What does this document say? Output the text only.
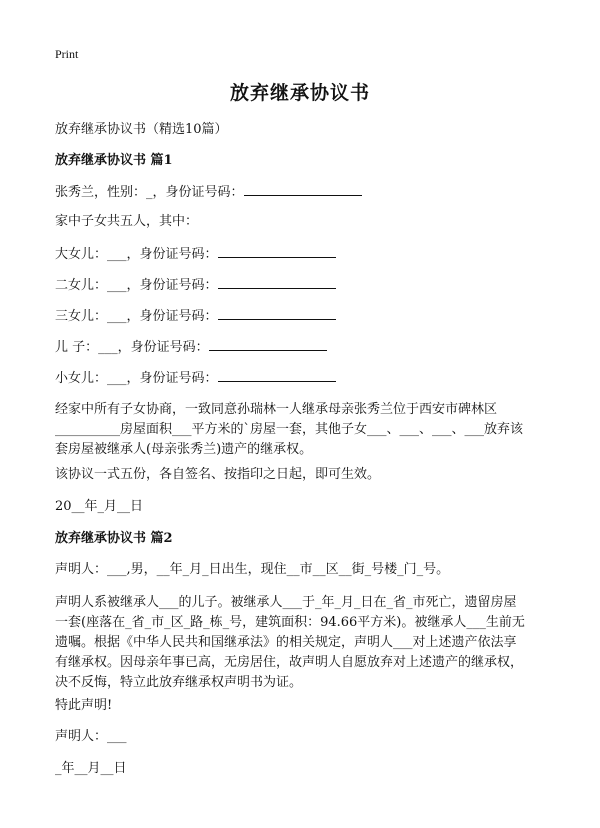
Print
放弃继承协议书
放弃继承协议书（精选10篇）
放弃继承协议书 篇1
张秀兰，性别：_，身份证号码：
家中子女共五人，其中：
大女儿：___，身份证号码：
二女儿：___，身份证号码：
三女儿：___，身份证号码：
儿 子：___，身份证号码：
小女儿：___，身份证号码：
经家中所有子女协商，一致同意孙瑞林一人继承母亲张秀兰位于西安市碑林区
__________房屋面积___平方米的`房屋一套，其他子女___、___、___、___放弃该
套房屋被继承人(母亲张秀兰)遗产的继承权。
该协议一式五份，各自签名、按指印之日起，即可生效。
20__年_月__日
放弃继承协议书 篇2
声明人：___,男，__年_月_日出生，现住__市__区__街_号楼_门_号。
声明人系被继承人___的儿子。被继承人___于_年_月_日在_省_市死亡，遗留房屋
一套(座落在_省_市_区_路_栋_号，建筑面积：94.66平方米)。被继承人___生前无
遗嘱。根据《中华人民共和国继承法》的相关规定，声明人___对上述遗产依法享
有继承权。因母亲年事已高，无房居住，故声明人自愿放弃对上述遗产的继承权，
决不反悔，特立此放弃继承权声明书为证。
特此声明!
声明人：___
_年__月__日
